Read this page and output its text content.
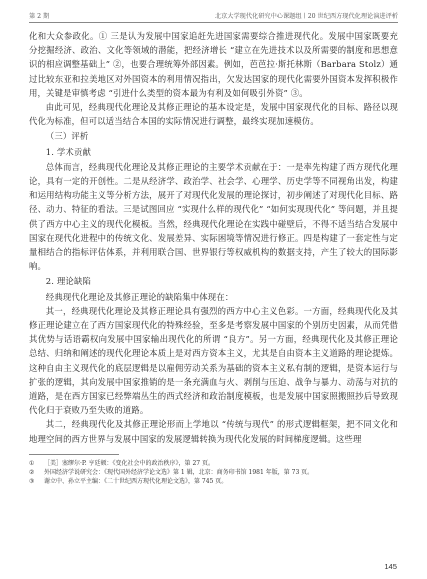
第 2 期	北京大学现代化研究中心课题组丨20 世纪西方现代化理论演进评析

化和大众参政化。① 三是认为发展中国家追赶先进国家需要综合推进现代化。发展中国家既要充分挖掘经济、政治、文化等领域的潜能，把经济增长 “建立在先进技术以及所需要的制度和思想意识的相应调整基础上” ②，也要合理统筹外部因素。例如，芭芭拉·斯托林斯（Barbara Stolz）通过比较东亚和拉美地区对外国资本的利用情况指出，欠发达国家的现代化需要外国资本发挥积极作用，关键是审慎考虑 “引进什么类型的资本最为有利及如何吸引外资” ③。

由此可见，经典现代化理论及其修正理论的基本设定是，发展中国家现代化的目标、路径以现代化为标准，但可以适当结合本国的实际情况进行调整，最终实现加速模仿。

（三）评析

1. 学术贡献

总体而言，经典现代化理论及其修正理论的主要学术贡献在于：一是率先构建了西方现代化理论，具有一定的开创性。二是从经济学、政治学、社会学、心理学、历史学等不同视角出发，构建和运用结构功能主义等分析方法，展开了对现代化发展的理论探讨，初步阐述了对现代化目标、路径、动力、特征的看法。三是试图回应 “实现什么样的现代化” “如何实现现代化” 等问题，并且提供了西方中心主义的现代化模板。当然，经典现代化理论在实践中碰壁后，不得不适当结合发展中国家在现代化进程中的传统文化、发展差异、实际困境等情况进行修正。四是构建了一套定性与定量相结合的指标评估体系，并利用联合国、世界银行等权威机构的数据支持，产生了较大的国际影响。

2. 理论缺陷

经典现代化理论及其修正理论的缺陷集中体现在：

其一，经典现代化理论及其修正理论具有强烈的西方中心主义色彩。一方面，经典现代化及其修正理论建立在了西方国家现代化的特殊经验，至多是考察发展中国家的个别历史因素，从而凭借其优势与话语霸权向发展中国家输出现代化的所谓 “良方”。另一方面，经典现代化及其修正理论总结、归纳和阐述的现代化理论本质上是对西方资本主义，尤其是自由资本主义道路的理论提炼。这种自由主义现代化的底层逻辑是以雇佣劳动关系为基础的资本主义私有制的逻辑，是资本运行与扩张的逻辑，其向发展中国家推销的是一条充满血与火、剥削与压迫、战争与暴力、动荡与对抗的道路，是在西方国家已经弊端丛生的西式经济和政治制度模板，也是发展中国家照搬照抄后导致现代化归于衰败乃至失败的道路。

其二，经典现代化及其修正理论形而上学地以 “传统与现代” 的形式逻辑框架，把不同文化和地理空间的西方世界与发展中国家的发展逻辑转换为现代化发展的时间梯度逻辑。这些理

①	［美］塞缪尔·P. 亨廷顿：《变化社会中的政治秩序》，第 27 页。
②	外国经济学说研究会：《现代国外经济学论文选》第 1 辑，北京：商务印书馆 1981 年版，第 73 页。
③	谢立中、孙立平主编：《二十世纪西方现代化理论文选》，第 745 页。
145
